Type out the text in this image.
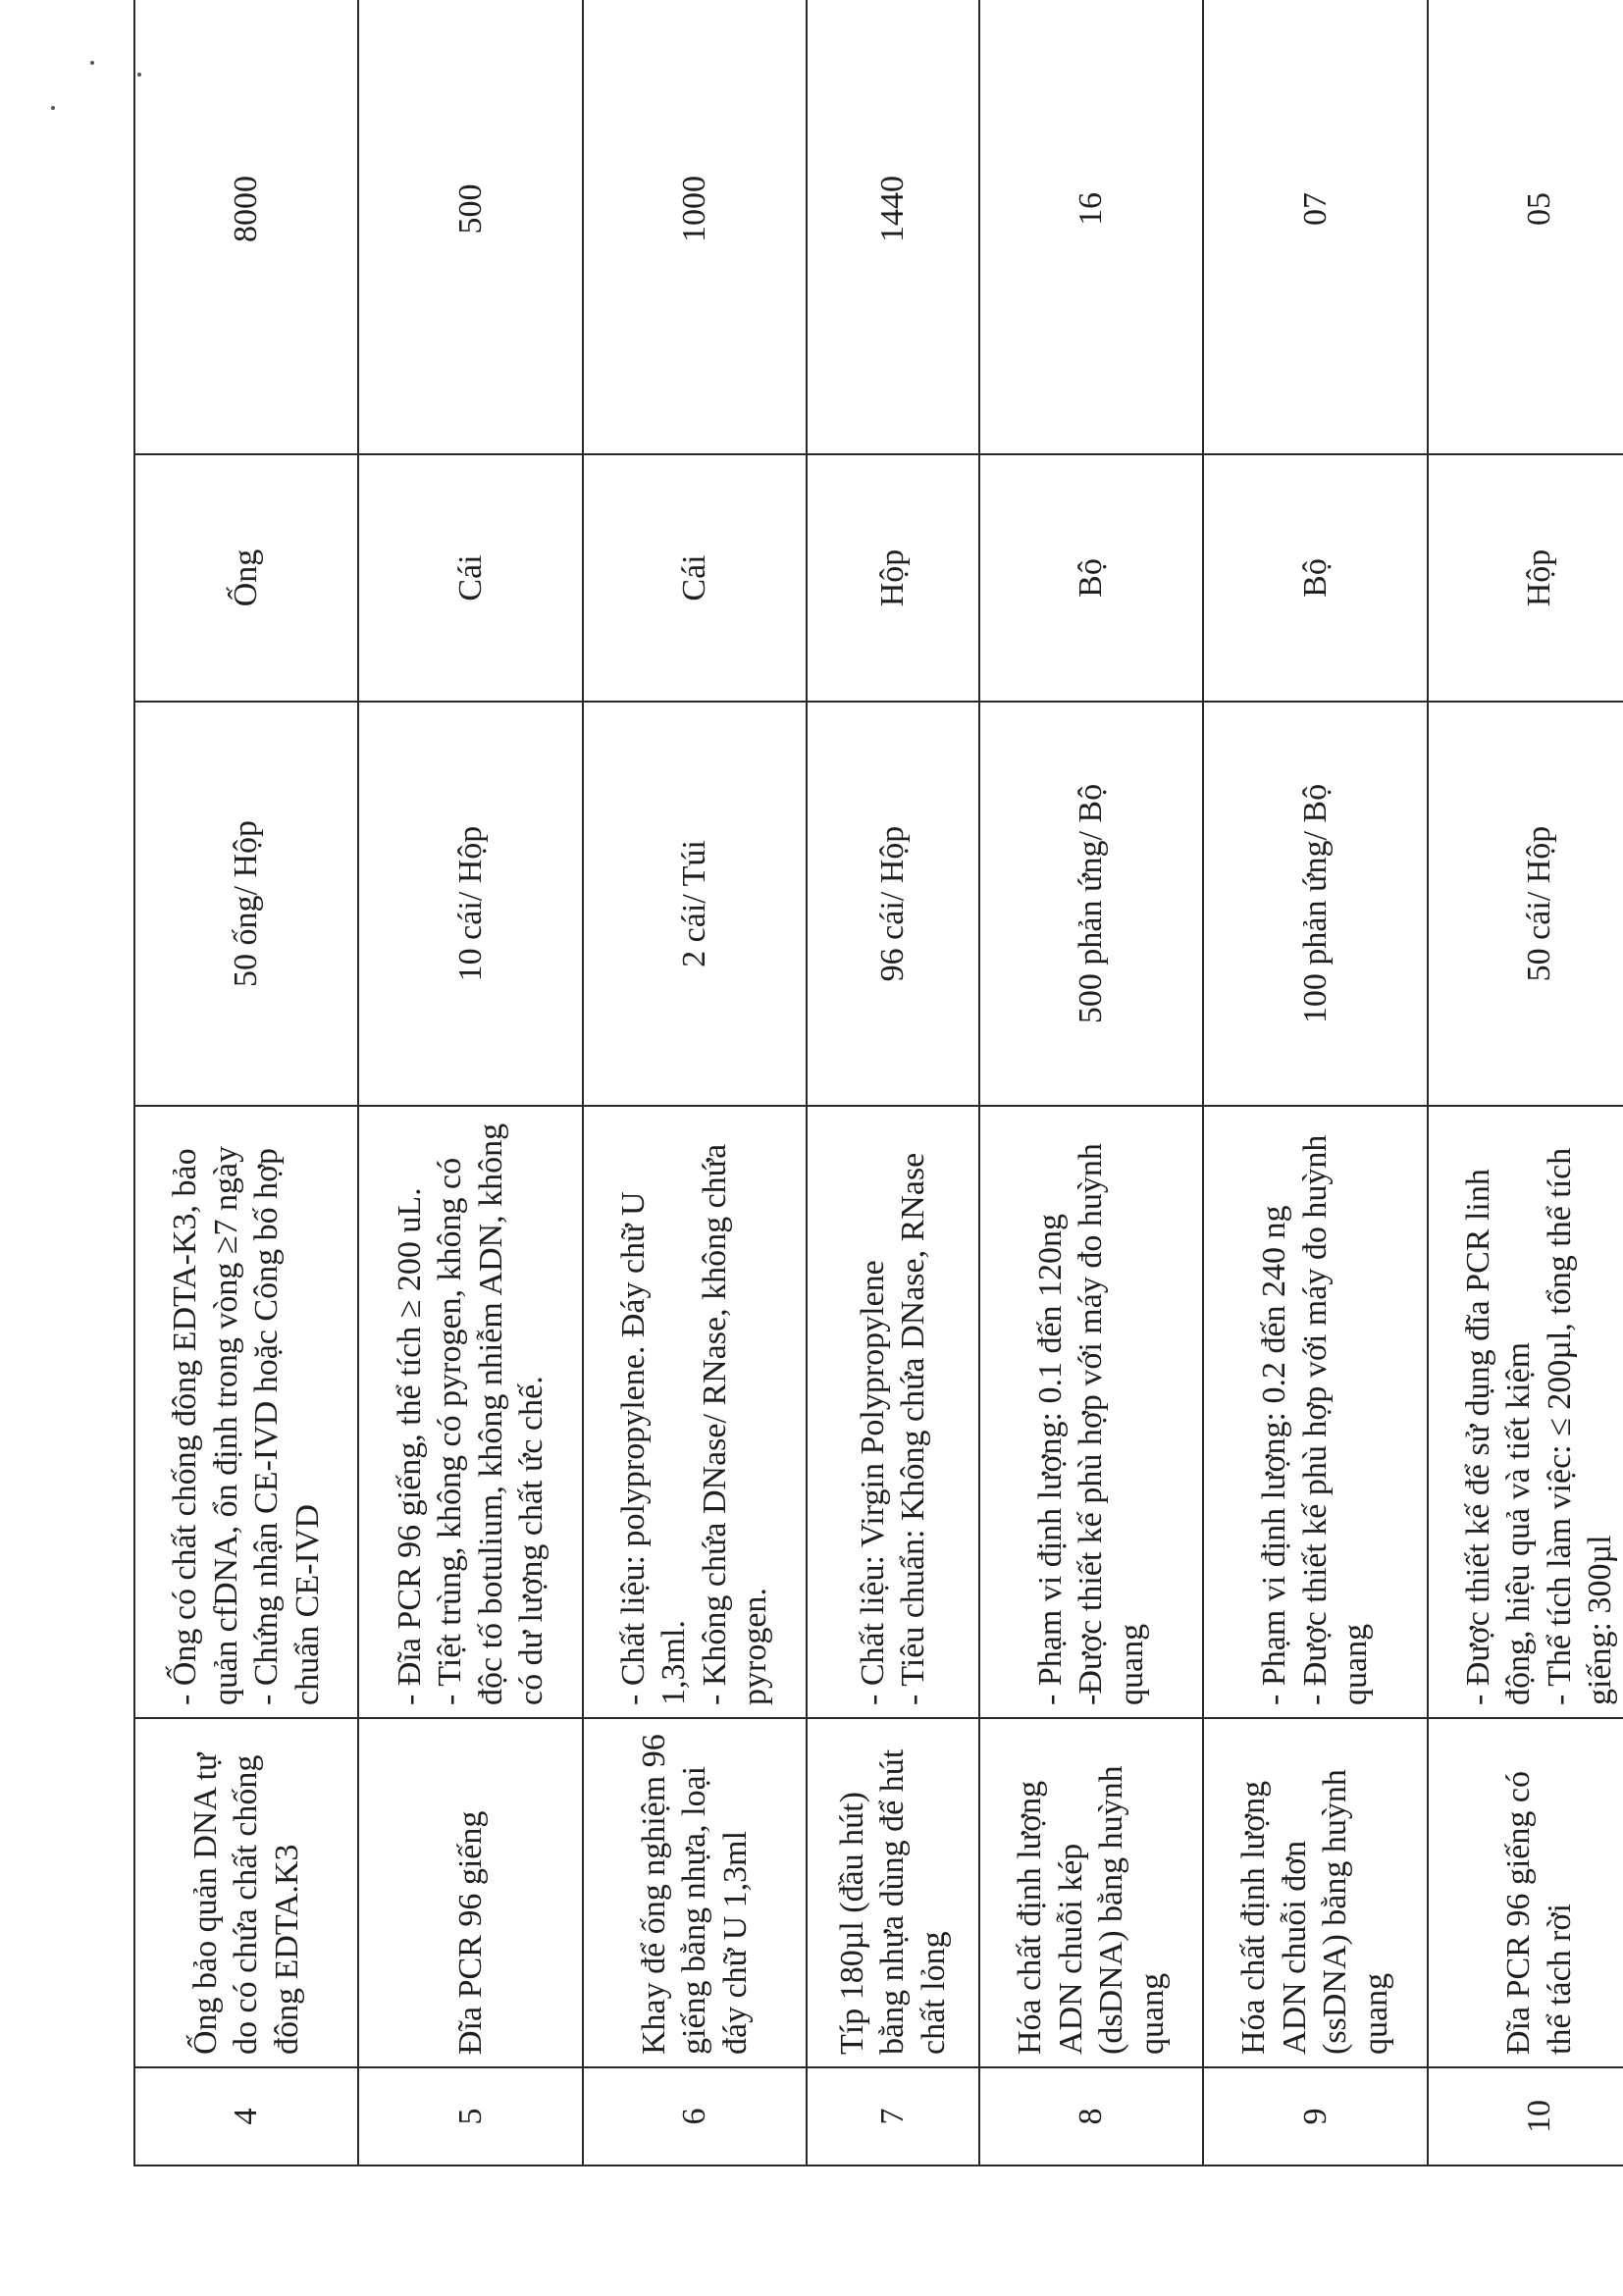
4	Ống bảo quản DNA tự do có chứa chất chống đông EDTA.K3	- Ống có chất chống đông EDTA-K3, bảo quản cfDNA, ổn định trong vòng ≥7 ngày - Chứng nhận CE-IVD hoặc Công bố hợp chuẩn CE-IVD	50 ống/ Hộp	Ống	8000
5	Đĩa PCR 96 giếng	- Đĩa PCR 96 giếng, thể tích ≥ 200 uL. - Tiệt trùng, không có pyrogen, không có độc tố botulium, không nhiễm ADN, không có dư lượng chất ức chế.	10 cái/ Hộp	Cái	500
6	Khay để ống nghiệm 96 giếng bằng nhựa, loại đáy chữ U 1,3ml	- Chất liệu: polypropylene. Đáy chữ U 1,3ml. - Không chứa DNase/ RNase, không chứa pyrogen.	2 cái/ Túi	Cái	1000
7	Típ 180µl (đầu hút) bằng nhựa dùng để hút chất lỏng	- Chất liệu: Virgin Polypropylene - Tiêu chuẩn: Không chứa DNase, RNase	96 cái/ Hộp	Hộp	1440
8	Hóa chất định lượng ADN chuỗi kép (dsDNA) bằng huỳnh quang	- Phạm vi định lượng: 0.1 đến 120ng -Được thiết kế phù hợp với máy đo huỳnh quang	500 phản ứng/ Bộ	Bộ	16
9	Hóa chất định lượng ADN chuỗi đơn (ssDNA) bằng huỳnh quang	- Phạm vi định lượng: 0.2 đến 240 ng - Được thiết kế phù hợp với máy đo huỳnh quang	100 phản ứng/ Bộ	Bộ	07
10	Đĩa PCR 96 giếng có thể tách rời	- Được thiết kế để sử dụng đĩa PCR linh động, hiệu quả và tiết kiệm - Thể tích làm việc: ≤ 200µl, tổng thể tích giếng: 300µl	50 cái/ Hộp	Hộp	05
